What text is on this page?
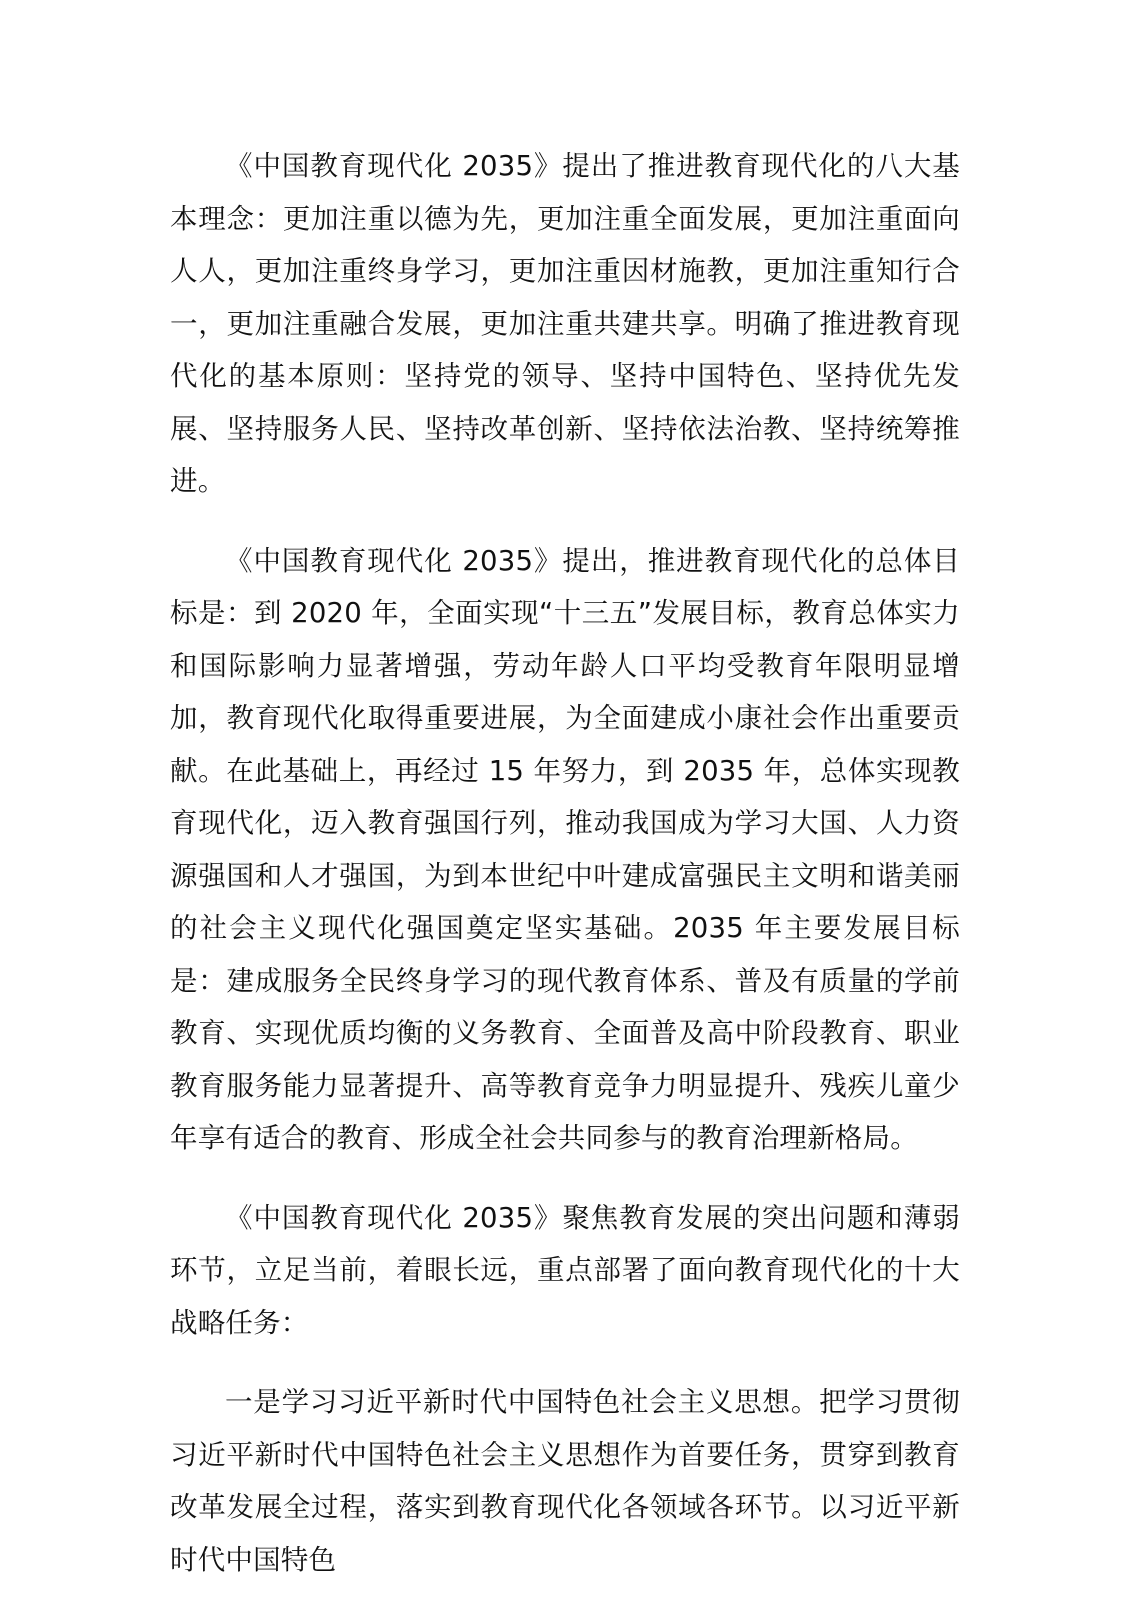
《中国教育现代化 2035》提出了推进教育现代化的八大基本理念：更加注重以德为先，更加注重全面发展，更加注重面向人人，更加注重终身学习，更加注重因材施教，更加注重知行合一，更加注重融合发展，更加注重共建共享。明确了推进教育现代化的基本原则：坚持党的领导、坚持中国特色、坚持优先发展、坚持服务人民、坚持改革创新、坚持依法治教、坚持统筹推进。

《中国教育现代化 2035》提出，推进教育现代化的总体目标是：到 2020 年，全面实现“十三五”发展目标，教育总体实力和国际影响力显著增强，劳动年龄人口平均受教育年限明显增加，教育现代化取得重要进展，为全面建成小康社会作出重要贡献。在此基础上，再经过 15 年努力，到 2035 年，总体实现教育现代化，迈入教育强国行列，推动我国成为学习大国、人力资源强国和人才强国，为到本世纪中叶建成富强民主文明和谐美丽的社会主义现代化强国奠定坚实基础。2035 年主要发展目标是：建成服务全民终身学习的现代教育体系、普及有质量的学前教育、实现优质均衡的义务教育、全面普及高中阶段教育、职业教育服务能力显著提升、高等教育竞争力明显提升、残疾儿童少年享有适合的教育、形成全社会共同参与的教育治理新格局。

《中国教育现代化 2035》聚焦教育发展的突出问题和薄弱环节，立足当前，着眼长远，重点部署了面向教育现代化的十大战略任务：

一是学习习近平新时代中国特色社会主义思想。把学习贯彻习近平新时代中国特色社会主义思想作为首要任务，贯穿到教育改革发展全过程，落实到教育现代化各领域各环节。以习近平新时代中国特色
